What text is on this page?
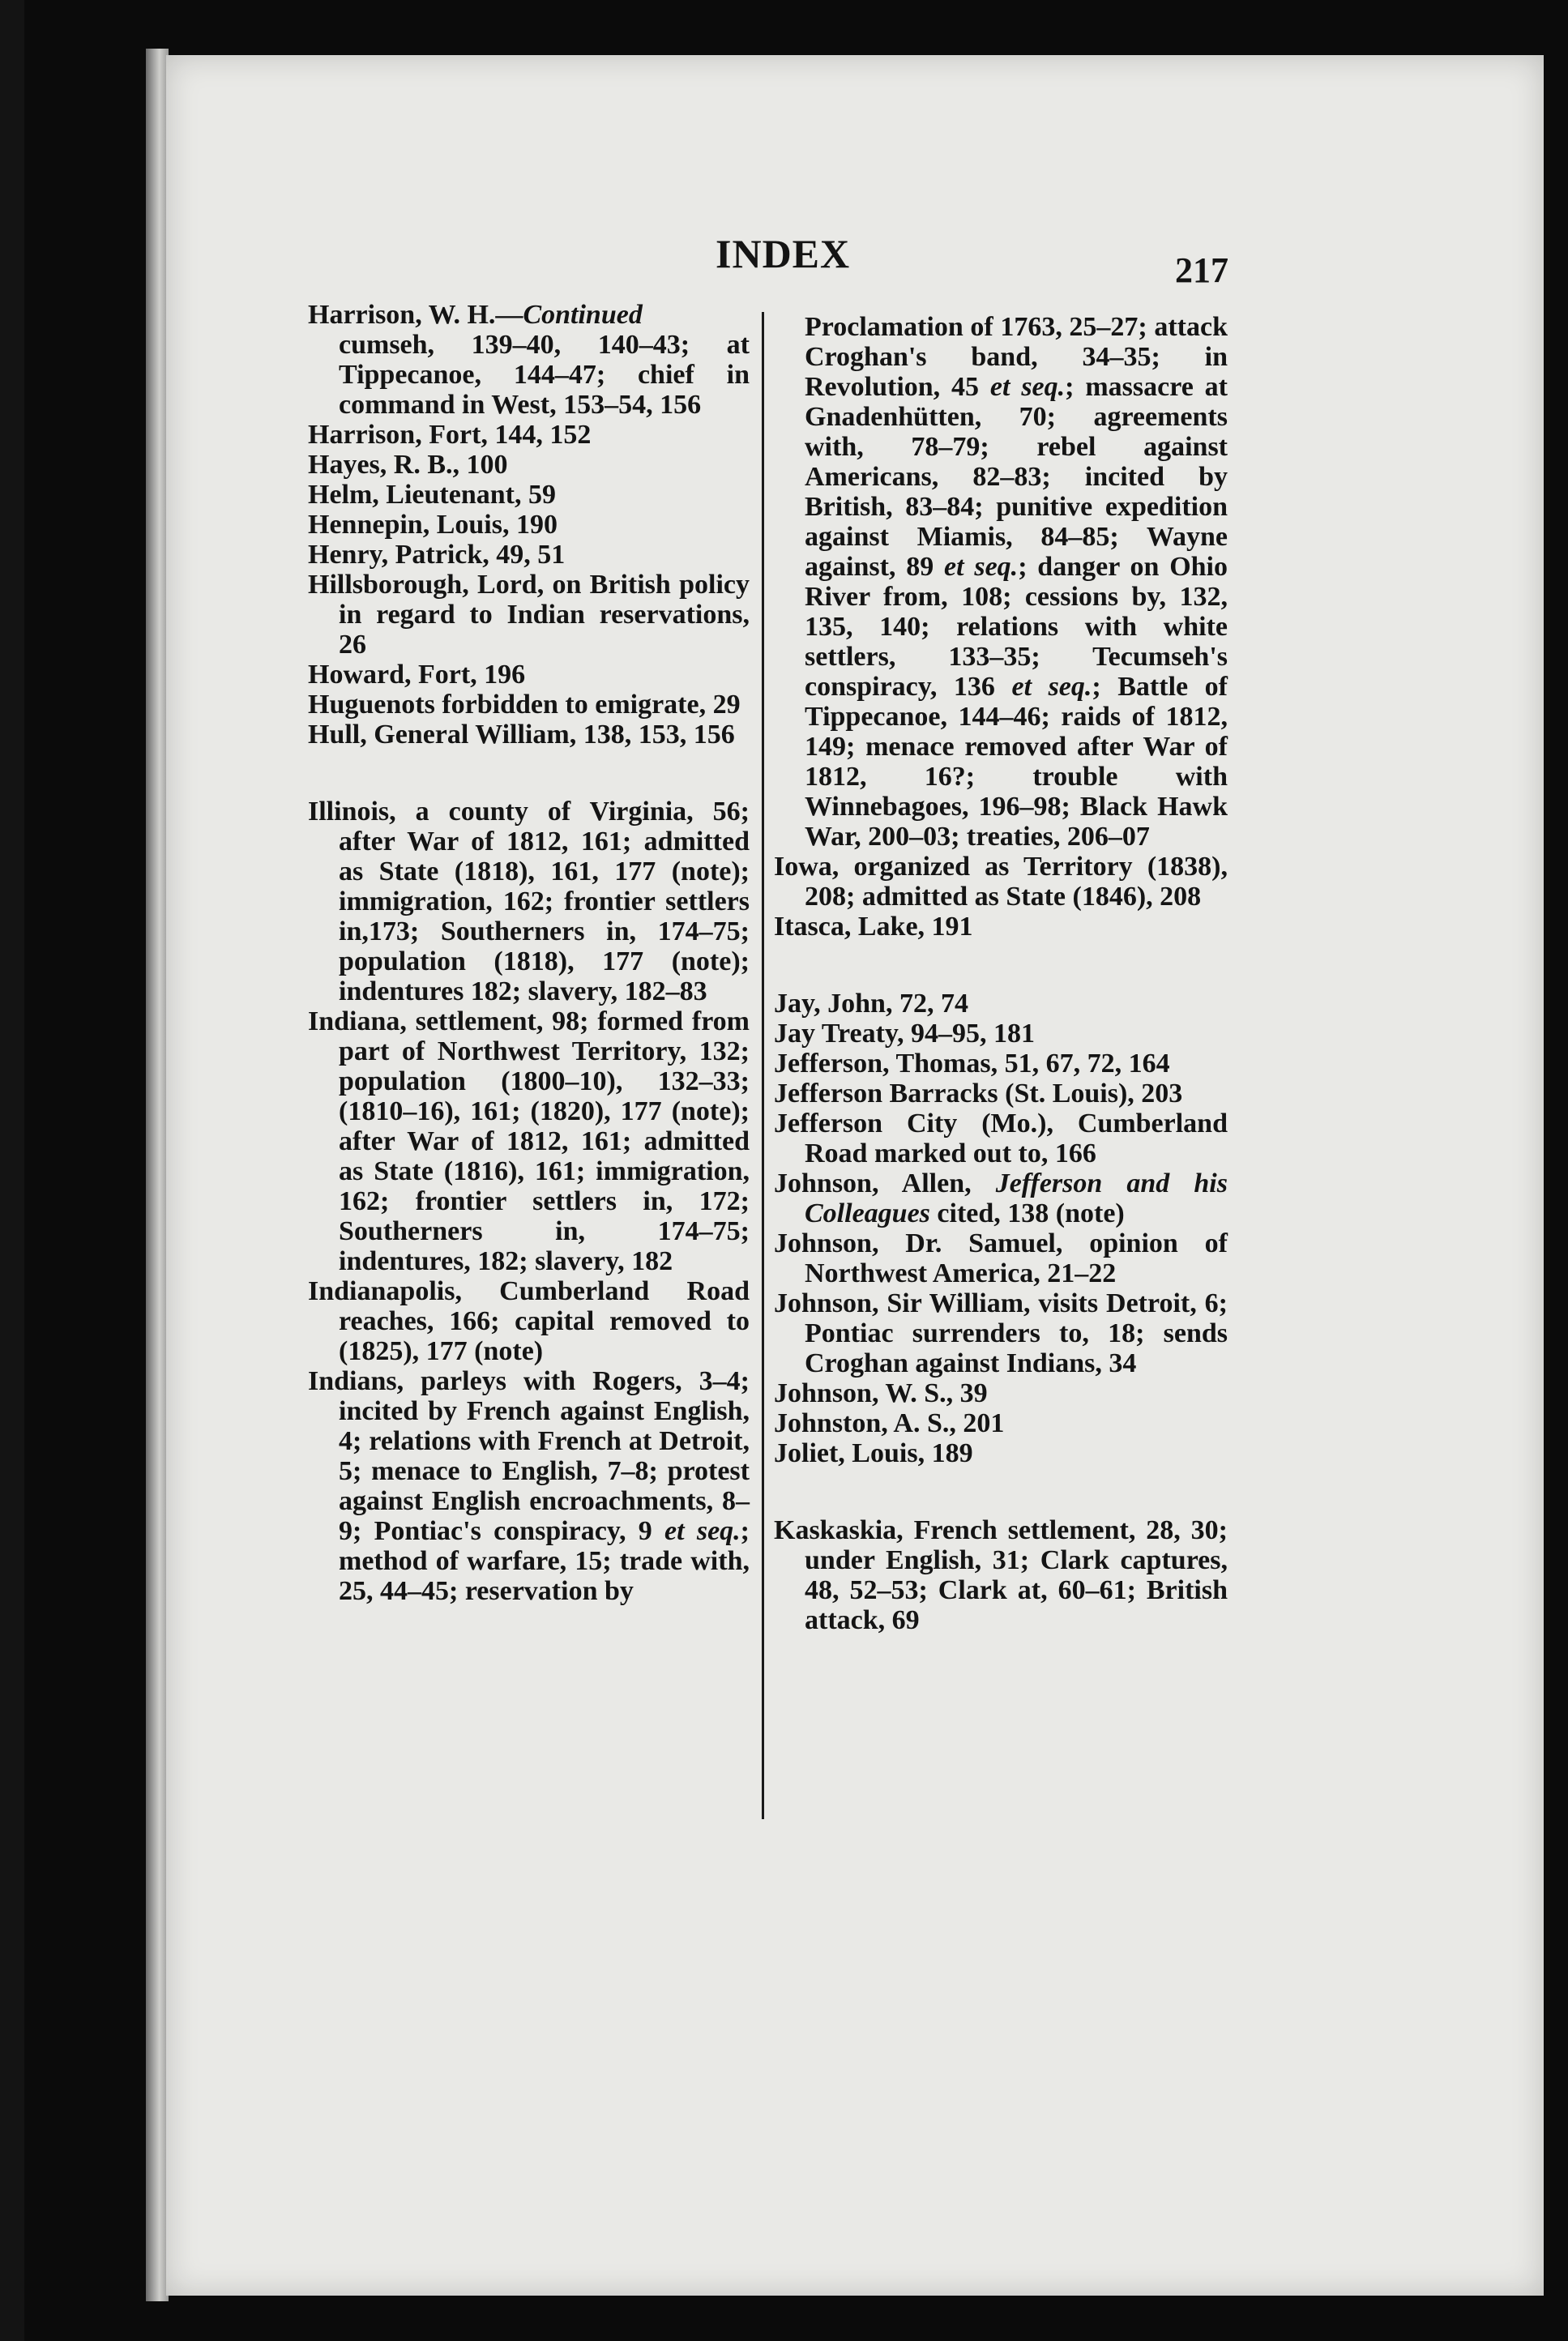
INDEX	217

Harrison, W. H.—Continued
cumseh, 139–40, 140–43; at Tippecanoe, 144–47; chief in command in West, 153–54, 156

Harrison, Fort, 144, 152

Hayes, R. B., 100

Helm, Lieutenant, 59

Hennepin, Louis, 190

Henry, Patrick, 49, 51

Hillsborough, Lord, on British policy in regard to Indian reservations, 26

Howard, Fort, 196

Huguenots forbidden to emigrate, 29

Hull, General William, 138, 153, 156

Illinois, a county of Virginia, 56; after War of 1812, 161; admitted as State (1818), 161, 177 (note); immigration, 162; frontier settlers in,173; Southerners in, 174–75; population (1818), 177 (note); indentures 182; slavery, 182–83

Indiana, settlement, 98; formed from part of Northwest Territory, 132; population (1800–10), 132–33; (1810–16), 161; (1820), 177 (note); after War of 1812, 161; admitted as State (1816), 161; immigration, 162; frontier settlers in, 172; Southerners in, 174–75; indentures, 182; slavery, 182

Indianapolis, Cumberland Road reaches, 166; capital removed to (1825), 177 (note)

Indians, parleys with Rogers, 3–4; incited by French against English, 4; relations with French at Detroit, 5; menace to English, 7–8; protest against English encroachments, 8–9; Pontiac's conspiracy, 9 et seq.; method of warfare, 15; trade with, 25, 44–45; reservation by

Proclamation of 1763, 25–27; attack Croghan's band, 34–35; in Revolution, 45 et seq.; massacre at Gnadenhütten, 70; agreements with, 78–79; rebel against Americans, 82–83; incited by British, 83–84; punitive expedition against Miamis, 84–85; Wayne against, 89 et seq.; danger on Ohio River from, 108; cessions by, 132, 135, 140; relations with white settlers, 133–35; Tecumseh's conspiracy, 136 et seq.; Battle of Tippecanoe, 144–46; raids of 1812, 149; menace removed after War of 1812, 16?; trouble with Winnebagoes, 196–98; Black Hawk War, 200–03; treaties, 206–07

Iowa, organized as Territory (1838), 208; admitted as State (1846), 208

Itasca, Lake, 191

Jay, John, 72, 74

Jay Treaty, 94–95, 181

Jefferson, Thomas, 51, 67, 72, 164

Jefferson Barracks (St. Louis), 203

Jefferson City (Mo.), Cumberland Road marked out to, 166

Johnson, Allen, Jefferson and his Colleagues cited, 138 (note)

Johnson, Dr. Samuel, opinion of Northwest America, 21–22

Johnson, Sir William, visits Detroit, 6; Pontiac surrenders to, 18; sends Croghan against Indians, 34

Johnson, W. S., 39

Johnston, A. S., 201

Joliet, Louis, 189

Kaskaskia, French settlement, 28, 30; under English, 31; Clark captures, 48, 52–53; Clark at, 60–61; British attack, 69
